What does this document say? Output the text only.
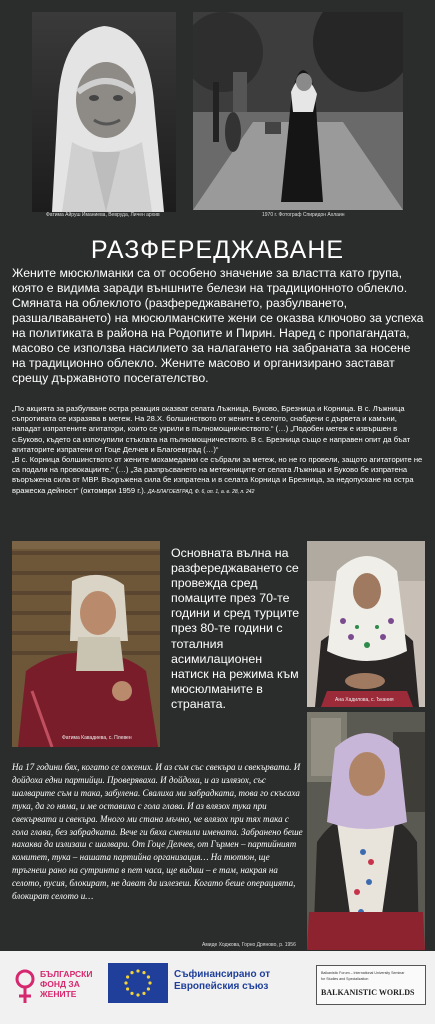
Фатима Айруш Иманиева, Вевруда, Личен архив	1970 г. Фотограф Спиридон Ахлаин
РАЗФЕРЕДЖАВАНЕ
Жените мюсюлманки са от особено значение за властта като група, която е видима заради външните белези на традиционното облекло. Смяната на облеклото (разфереджаването, разбулването, разшалваването) на мюсюлманските жени се оказва ключово за успеха на политиката в района на Родопите и Пирин. Наред с пропагандата, масово се използва насилието за налагането на забраната за носене на традиционно облекло. Жените масово и организирано застават срещу държавното посегателство.

„По акцията за разбулване остра реакция оказват селата Лъжница, Буково, Брезница и Корница. В с. Лъжница съпротивата се изразява в метеж. На 28.Х. болшинството от жените в селото, снабдени с дървета и камъни, нападат изпратените агитатори, които се укрили в пълномощничеството.“ (…) „Подобен метеж е извършен в с.Буково, където са изпочупили стъклата на пълномощничеството. В с. Брезница също е направен опит да бъат агитаторите изпратени от Гоце Делчев и Благоевград (…)“

„В с. Корница болшинството от жените мохамеданки се събрали за метеж, но не го провели, защото агитаторите не са подали на провокациите.“ (…) „За разпръсването на метежниците от селата Лъжница и Буково бе изпратена въоръжена сила от МВР. Въоръжена сила бе изпратена и в селата Корница и Брезница, за недопускане на остра вражеска дейност“ (октомври 1959 г.). ДА-БЛАГОЕВГРАД, Ф. 6, оп. 1, а. е. 28, л. 242

Фатима Кавадиева, с. Плевен
Основната вълна на разфереджаването се провежда сред помаците през 70-те години и сред турците през 80-те години с тоталния асимилационен натиск на режима към мюсюлманите в страната.	Ана Хадилова, с. Ъкания
На 17 години бях, когато се ожених. И аз съм със свекъра и свекървата. И дойдоха едни партийци. Проверяваха. И дойдоха, и аз излязох, със шалварите съм и така, забулена. Свалиха ми забрадката, това го скъсаха тука, да го няма, и ме оставиха с гола глава. И аз влязох тука при свекървата и свекъра. Много ми стана мъчно, че влязох при тях така с гола глава, без забрадката. Вече ги бяха сменили имената. Забранено беше нахаква да излизаш с шалвари. От Гоце Делчев, от Гърмен – партийният комитет, тука – нашата партийна организация… На тютюн, ще тръгнеш рано на сутринта в пет часа, ще видиш – е там, накрая на селото, пусия, блокират, не дават да излезеш. Когато беше операцията, блокират селото и…
Амиде Ходжова, Горно Дряново, р. 1956
БЪЛГАРСКИ
ФОНД ЗА
ЖЕНИТЕ
Съфинансирано от
Европейския съюз
Balkanistic Forum – International University Seminar
for Studies and Specialization
BALKANISTIC WORLDS
